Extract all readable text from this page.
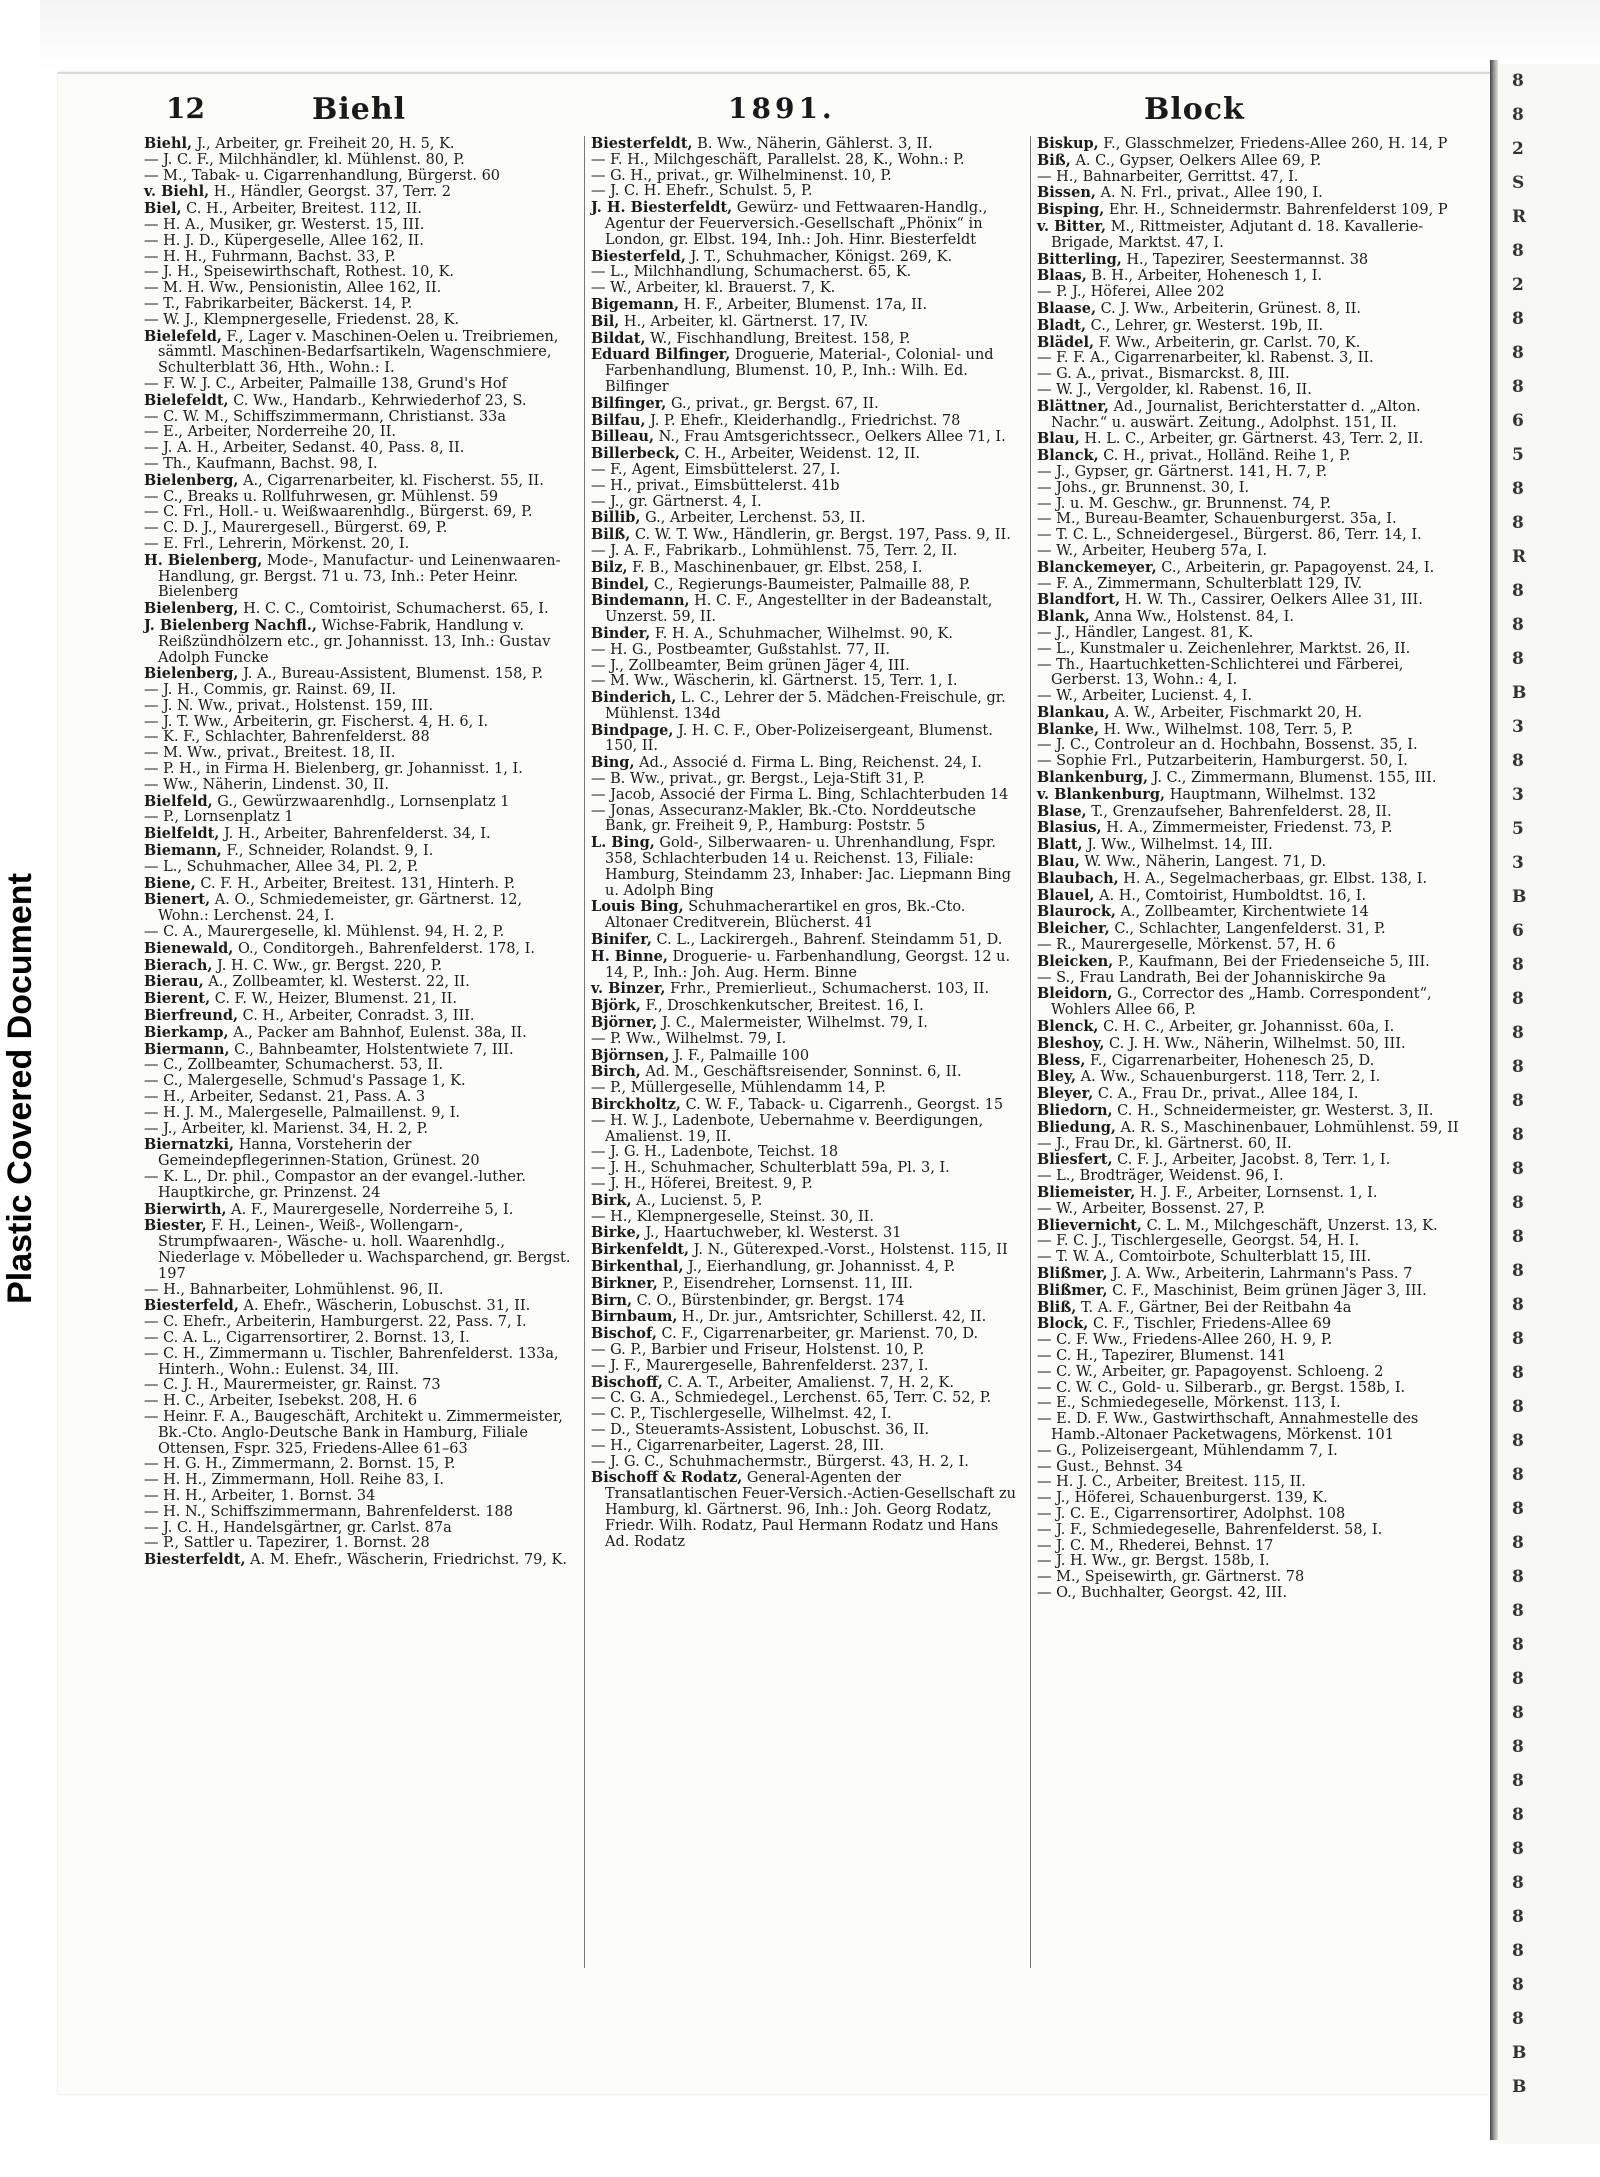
Plastic Covered Document
8
8
2
S
R
8
2
8
8
8
6
5
8
8
R
8
8
8
B
3
8
3
5
3
B
6
8
8
8
8
8
8
8
8
8
8
8
8
8
8
8
8
8
8
8
8
8
8
8
8
8
8
8
8
8
8
8
8
B
B
12	Biehl	1891.	Block
Biehl, J., Arbeiter, gr. Freiheit 20, H. 5, K.
— J. C. F., Milchhändler, kl. Mühlenst. 80, P.
— M., Tabak- u. Cigarrenhandlung, Bürgerst. 60
v. Biehl, H., Händler, Georgst. 37, Terr. 2
Biel, C. H., Arbeiter, Breitest. 112, II.
— H. A., Musiker, gr. Westerst. 15, III.
— H. J. D., Küpergeselle, Allee 162, II.
— H. H., Fuhrmann, Bachst. 33, P.
— J. H., Speisewirthschaft, Rothest. 10, K.
— M. H. Ww., Pensionistin, Allee 162, II.
— T., Fabrikarbeiter, Bäckerst. 14, P.
— W. J., Klempnergeselle, Friedenst. 28, K.
Bielefeld, F., Lager v. Maschinen-Oelen u. Treibriemen, sämmtl. Maschinen-Bedarfsartikeln, Wagenschmiere, Schulterblatt 36, Hth., Wohn.: I.
— F. W. J. C., Arbeiter, Palmaille 138, Grund's Hof
Bielefeldt, C. Ww., Handarb., Kehrwiederhof 23, S.
— C. W. M., Schiffszimmermann, Christianst. 33a
— E., Arbeiter, Norderreihe 20, II.
— J. A. H., Arbeiter, Sedanst. 40, Pass. 8, II.
— Th., Kaufmann, Bachst. 98, I.
Bielenberg, A., Cigarrenarbeiter, kl. Fischerst. 55, II.
— C., Breaks u. Rollfuhrwesen, gr. Mühlenst. 59
— C. Frl., Holl.- u. Weißwaarenhdlg., Bürgerst. 69, P.
— C. D. J., Maurergesell., Bürgerst. 69, P.
— E. Frl., Lehrerin, Mörkenst. 20, I.
H. Bielenberg, Mode-, Manufactur- und Leinenwaaren-Handlung, gr. Bergst. 71 u. 73, Inh.: Peter Heinr. Bielenberg
Bielenberg, H. C. C., Comtoirist, Schumacherst. 65, I.
J. Bielenberg Nachfl., Wichse-Fabrik, Handlung v. Reißzündhölzern etc., gr. Johannisst. 13, Inh.: Gustav Adolph Funcke
Bielenberg, J. A., Bureau-Assistent, Blumenst. 158, P.
— J. H., Commis, gr. Rainst. 69, II.
— J. N. Ww., privat., Holstenst. 159, III.
— J. T. Ww., Arbeiterin, gr. Fischerst. 4, H. 6, I.
— K. F., Schlachter, Bahrenfelderst. 88
— M. Ww., privat., Breitest. 18, II.
— P. H., in Firma H. Bielenberg, gr. Johannisst. 1, I.
— Ww., Näherin, Lindenst. 30, II.
Bielfeld, G., Gewürzwaarenhdlg., Lornsenplatz 1
— P., Lornsenplatz 1
Bielfeldt, J. H., Arbeiter, Bahrenfelderst. 34, I.
Biemann, F., Schneider, Rolandst. 9, I.
— L., Schuhmacher, Allee 34, Pl. 2, P.
Biene, C. F. H., Arbeiter, Breitest. 131, Hinterh. P.
Bienert, A. O., Schmiedemeister, gr. Gärtnerst. 12, Wohn.: Lerchenst. 24, I.
— C. A., Maurergeselle, kl. Mühlenst. 94, H. 2, P.
Bienewald, O., Conditorgeh., Bahrenfelderst. 178, I.
Bierach, J. H. C. Ww., gr. Bergst. 220, P.
Bierau, A., Zollbeamter, kl. Westerst. 22, II.
Bierent, C. F. W., Heizer, Blumenst. 21, II.
Bierfreund, C. H., Arbeiter, Conradst. 3, III.
Bierkamp, A., Packer am Bahnhof, Eulenst. 38a, II.
Biermann, C., Bahnbeamter, Holstentwiete 7, III.
— C., Zollbeamter, Schumacherst. 53, II.
— C., Malergeselle, Schmud's Passage 1, K.
— H., Arbeiter, Sedanst. 21, Pass. A. 3
— H. J. M., Malergeselle, Palmaillenst. 9, I.
— J., Arbeiter, kl. Marienst. 34, H. 2, P.
Biernatzki, Hanna, Vorsteherin der Gemeindepflegerinnen-Station, Grünest. 20
— K. L., Dr. phil., Compastor an der evangel.-luther. Hauptkirche, gr. Prinzenst. 24
Bierwirth, A. F., Maurergeselle, Norderreihe 5, I.
Biester, F. H., Leinen-, Weiß-, Wollengarn-, Strumpfwaaren-, Wäsche- u. holl. Waarenhdlg., Niederlage v. Möbelleder u. Wachsparchend, gr. Bergst. 197
— H., Bahnarbeiter, Lohmühlenst. 96, II.
Biesterfeld, A. Ehefr., Wäscherin, Lobuschst. 31, II.
— C. Ehefr., Arbeiterin, Hamburgerst. 22, Pass. 7, I.
— C. A. L., Cigarrensortirer, 2. Bornst. 13, I.
— C. H., Zimmermann u. Tischler, Bahrenfelderst. 133a, Hinterh., Wohn.: Eulenst. 34, III.
— C. J. H., Maurermeister, gr. Rainst. 73
— H. C., Arbeiter, Isebekst. 208, H. 6
— Heinr. F. A., Baugeschäft, Architekt u. Zimmermeister, Bk.-Cto. Anglo-Deutsche Bank in Hamburg, Filiale Ottensen, Fspr. 325, Friedens-Allee 61–63
— H. G. H., Zimmermann, 2. Bornst. 15, P.
— H. H., Zimmermann, Holl. Reihe 83, I.
— H. H., Arbeiter, 1. Bornst. 34
— H. N., Schiffszimmermann, Bahrenfelderst. 188
— J. C. H., Handelsgärtner, gr. Carlst. 87a
— P., Sattler u. Tapezirer, 1. Bornst. 28
Biesterfeldt, A. M. Ehefr., Wäscherin, Friedrichst. 79, K.
Biesterfeldt, B. Ww., Näherin, Gählerst. 3, II.
— F. H., Milchgeschäft, Parallelst. 28, K., Wohn.: P.
— G. H., privat., gr. Wilhelminenst. 10, P.
— J. C. H. Ehefr., Schulst. 5, P.
J. H. Biesterfeldt, Gewürz- und Fettwaaren-Handlg., Agentur der Feuerversich.-Gesellschaft „Phönix“ in London, gr. Elbst. 194, Inh.: Joh. Hinr. Biesterfeldt
Biesterfeld, J. T., Schuhmacher, Königst. 269, K.
— L., Milchhandlung, Schumacherst. 65, K.
— W., Arbeiter, kl. Brauerst. 7, K.
Bigemann, H. F., Arbeiter, Blumenst. 17a, II.
Bil, H., Arbeiter, kl. Gärtnerst. 17, IV.
Bildat, W., Fischhandlung, Breitest. 158, P.
Eduard Bilfinger, Droguerie, Material-, Colonial- und Farbenhandlung, Blumenst. 10, P., Inh.: Wilh. Ed. Bilfinger
Bilfinger, G., privat., gr. Bergst. 67, II.
Bilfau, J. P. Ehefr., Kleiderhandlg., Friedrichst. 78
Billeau, N., Frau Amtsgerichtssecr., Oelkers Allee 71, I.
Billerbeck, C. H., Arbeiter, Weidenst. 12, II.
— F., Agent, Eimsbüttelerst. 27, I.
— H., privat., Eimsbüttelerst. 41b
— J., gr. Gärtnerst. 4, I.
Billib, G., Arbeiter, Lerchenst. 53, II.
Bilß, C. W. T. Ww., Händlerin, gr. Bergst. 197, Pass. 9, II.
— J. A. F., Fabrikarb., Lohmühlenst. 75, Terr. 2, II.
Bilz, F. B., Maschinenbauer, gr. Elbst. 258, I.
Bindel, C., Regierungs-Baumeister, Palmaille 88, P.
Bindemann, H. C. F., Angestellter in der Badeanstalt, Unzerst. 59, II.
Binder, F. H. A., Schuhmacher, Wilhelmst. 90, K.
— H. G., Postbeamter, Gußstahlst. 77, II.
— J., Zollbeamter, Beim grünen Jäger 4, III.
— M. Ww., Wäscherin, kl. Gärtnerst. 15, Terr. 1, I.
Binderich, L. C., Lehrer der 5. Mädchen-Freischule, gr. Mühlenst. 134d
Bindpage, J. H. C. F., Ober-Polizeisergeant, Blumenst. 150, II.
Bing, Ad., Associé d. Firma L. Bing, Reichenst. 24, I.
— B. Ww., privat., gr. Bergst., Leja-Stift 31, P.
— Jacob, Associé der Firma L. Bing, Schlachterbuden 14
— Jonas, Assecuranz-Makler, Bk.-Cto. Norddeutsche Bank, gr. Freiheit 9, P., Hamburg: Poststr. 5
L. Bing, Gold-, Silberwaaren- u. Uhrenhandlung, Fspr. 358, Schlachterbuden 14 u. Reichenst. 13, Filiale: Hamburg, Steindamm 23, Inhaber: Jac. Liepmann Bing u. Adolph Bing
Louis Bing, Schuhmacherartikel en gros, Bk.-Cto. Altonaer Creditverein, Blücherst. 41
Binifer, C. L., Lackirergeh., Bahrenf. Steindamm 51, D.
H. Binne, Droguerie- u. Farbenhandlung, Georgst. 12 u. 14, P., Inh.: Joh. Aug. Herm. Binne
v. Binzer, Frhr., Premierlieut., Schumacherst. 103, II.
Björk, F., Droschkenkutscher, Breitest. 16, I.
Björner, J. C., Malermeister, Wilhelmst. 79, I.
— P. Ww., Wilhelmst. 79, I.
Björnsen, J. F., Palmaille 100
Birch, Ad. M., Geschäftsreisender, Sonninst. 6, II.
— P., Müllergeselle, Mühlendamm 14, P.
Birckholtz, C. W. F., Taback- u. Cigarrenh., Georgst. 15
— H. W. J., Ladenbote, Uebernahme v. Beerdigungen, Amalienst. 19, II.
— J. G. H., Ladenbote, Teichst. 18
— J. H., Schuhmacher, Schulterblatt 59a, Pl. 3, I.
— J. H., Höferei, Breitest. 9, P.
Birk, A., Lucienst. 5, P.
— H., Klempnergeselle, Steinst. 30, II.
Birke, J., Haartuchweber, kl. Westerst. 31
Birkenfeldt, J. N., Güterexped.-Vorst., Holstenst. 115, II
Birkenthal, J., Eierhandlung, gr. Johannisst. 4, P.
Birkner, P., Eisendreher, Lornsenst. 11, III.
Birn, C. O., Bürstenbinder, gr. Bergst. 174
Birnbaum, H., Dr. jur., Amtsrichter, Schillerst. 42, II.
Bischof, C. F., Cigarrenarbeiter, gr. Marienst. 70, D.
— G. P., Barbier und Friseur, Holstenst. 10, P.
— J. F., Maurergeselle, Bahrenfelderst. 237, I.
Bischoff, C. A. T., Arbeiter, Amalienst. 7, H. 2, K.
— C. G. A., Schmiedegel., Lerchenst. 65, Terr. C. 52, P.
— C. P., Tischlergeselle, Wilhelmst. 42, I.
— D., Steueramts-Assistent, Lobuschst. 36, II.
— H., Cigarrenarbeiter, Lagerst. 28, III.
— J. G. C., Schuhmachermstr., Bürgerst. 43, H. 2, I.
Bischoff & Rodatz, General-Agenten der Transatlantischen Feuer-Versich.-Actien-Gesellschaft zu Hamburg, kl. Gärtnerst. 96, Inh.: Joh. Georg Rodatz, Friedr. Wilh. Rodatz, Paul Hermann Rodatz und Hans Ad. Rodatz
Biskup, F., Glasschmelzer, Friedens-Allee 260, H. 14, P
Biß, A. C., Gypser, Oelkers Allee 69, P.
— H., Bahnarbeiter, Gerrittst. 47, I.
Bissen, A. N. Frl., privat., Allee 190, I.
Bisping, Ehr. H., Schneidermstr. Bahrenfelderst 109, P
v. Bitter, M., Rittmeister, Adjutant d. 18. Kavallerie-Brigade, Marktst. 47, I.
Bitterling, H., Tapezirer, Seestermannst. 38
Blaas, B. H., Arbeiter, Hohenesch 1, I.
— P. J., Höferei, Allee 202
Blaase, C. J. Ww., Arbeiterin, Grünest. 8, II.
Bladt, C., Lehrer, gr. Westerst. 19b, II.
Blädel, F. Ww., Arbeiterin, gr. Carlst. 70, K.
— F. F. A., Cigarrenarbeiter, kl. Rabenst. 3, II.
— G. A., privat., Bismarckst. 8, III.
— W. J., Vergolder, kl. Rabenst. 16, II.
Blättner, Ad., Journalist, Berichterstatter d. „Alton. Nachr.“ u. auswärt. Zeitung., Adolphst. 151, II.
Blau, H. L. C., Arbeiter, gr. Gärtnerst. 43, Terr. 2, II.
Blanck, C. H., privat., Holländ. Reihe 1, P.
— J., Gypser, gr. Gärtnerst. 141, H. 7, P.
— Johs., gr. Brunnenst. 30, I.
— J. u. M. Geschw., gr. Brunnenst. 74, P.
— M., Bureau-Beamter, Schauenburgerst. 35a, I.
— T. C. L., Schneidergesel., Bürgerst. 86, Terr. 14, I.
— W., Arbeiter, Heuberg 57a, I.
Blanckemeyer, C., Arbeiterin, gr. Papagoyenst. 24, I.
— F. A., Zimmermann, Schulterblatt 129, IV.
Blandfort, H. W. Th., Cassirer, Oelkers Allee 31, III.
Blank, Anna Ww., Holstenst. 84, I.
— J., Händler, Langest. 81, K.
— L., Kunstmaler u. Zeichenlehrer, Marktst. 26, II.
— Th., Haartuchketten-Schlichterei und Färberei, Gerberst. 13, Wohn.: 4, I.
— W., Arbeiter, Lucienst. 4, I.
Blankau, A. W., Arbeiter, Fischmarkt 20, H.
Blanke, H. Ww., Wilhelmst. 108, Terr. 5, P.
— J. C., Controleur an d. Hochbahn, Bossenst. 35, I.
— Sophie Frl., Putzarbeiterin, Hamburgerst. 50, I.
Blankenburg, J. C., Zimmermann, Blumenst. 155, III.
v. Blankenburg, Hauptmann, Wilhelmst. 132
Blase, T., Grenzaufseher, Bahrenfelderst. 28, II.
Blasius, H. A., Zimmermeister, Friedenst. 73, P.
Blatt, J. Ww., Wilhelmst. 14, III.
Blau, W. Ww., Näherin, Langest. 71, D.
Blaubach, H. A., Segelmacherbaas, gr. Elbst. 138, I.
Blauel, A. H., Comtoirist, Humboldtst. 16, I.
Blaurock, A., Zollbeamter, Kirchentwiete 14
Bleicher, C., Schlachter, Langenfelderst. 31, P.
— R., Maurergeselle, Mörkenst. 57, H. 6
Bleicken, P., Kaufmann, Bei der Friedenseiche 5, III.
— S., Frau Landrath, Bei der Johanniskirche 9a
Bleidorn, G., Corrector des „Hamb. Correspondent“, Wohlers Allee 66, P.
Blenck, C. H. C., Arbeiter, gr. Johannisst. 60a, I.
Bleshoy, C. J. H. Ww., Näherin, Wilhelmst. 50, III.
Bless, F., Cigarrenarbeiter, Hohenesch 25, D.
Bley, A. Ww., Schauenburgerst. 118, Terr. 2, I.
Bleyer, C. A., Frau Dr., privat., Allee 184, I.
Bliedorn, C. H., Schneidermeister, gr. Westerst. 3, II.
Bliedung, A. R. S., Maschinenbauer, Lohmühlenst. 59, II
— J., Frau Dr., kl. Gärtnerst. 60, II.
Bliesfert, C. F. J., Arbeiter, Jacobst. 8, Terr. 1, I.
— L., Brodträger, Weidenst. 96, I.
Bliemeister, H. J. F., Arbeiter, Lornsenst. 1, I.
— W., Arbeiter, Bossenst. 27, P.
Blievernicht, C. L. M., Milchgeschäft, Unzerst. 13, K.
— F. C. J., Tischlergeselle, Georgst. 54, H. I.
— T. W. A., Comtoirbote, Schulterblatt 15, III.
Blißmer, J. A. Ww., Arbeiterin, Lahrmann's Pass. 7
Blißmer, C. F., Maschinist, Beim grünen Jäger 3, III.
Bliß, T. A. F., Gärtner, Bei der Reitbahn 4a
Block, C. F., Tischler, Friedens-Allee 69
— C. F. Ww., Friedens-Allee 260, H. 9, P.
— C. H., Tapezirer, Blumenst. 141
— C. W., Arbeiter, gr. Papagoyenst. Schloeng. 2
— C. W. C., Gold- u. Silberarb., gr. Bergst. 158b, I.
— E., Schmiedegeselle, Mörkenst. 113, I.
— E. D. F. Ww., Gastwirthschaft, Annahmestelle des Hamb.-Altonaer Packetwagens, Mörkenst. 101
— G., Polizeisergeant, Mühlendamm 7, I.
— Gust., Behnst. 34
— H. J. C., Arbeiter, Breitest. 115, II.
— J., Höferei, Schauenburgerst. 139, K.
— J. C. E., Cigarrensortirer, Adolphst. 108
— J. F., Schmiedegeselle, Bahrenfelderst. 58, I.
— J. C. M., Rhederei, Behnst. 17
— J. H. Ww., gr. Bergst. 158b, I.
— M., Speisewirth, gr. Gärtnerst. 78
— O., Buchhalter, Georgst. 42, III.
